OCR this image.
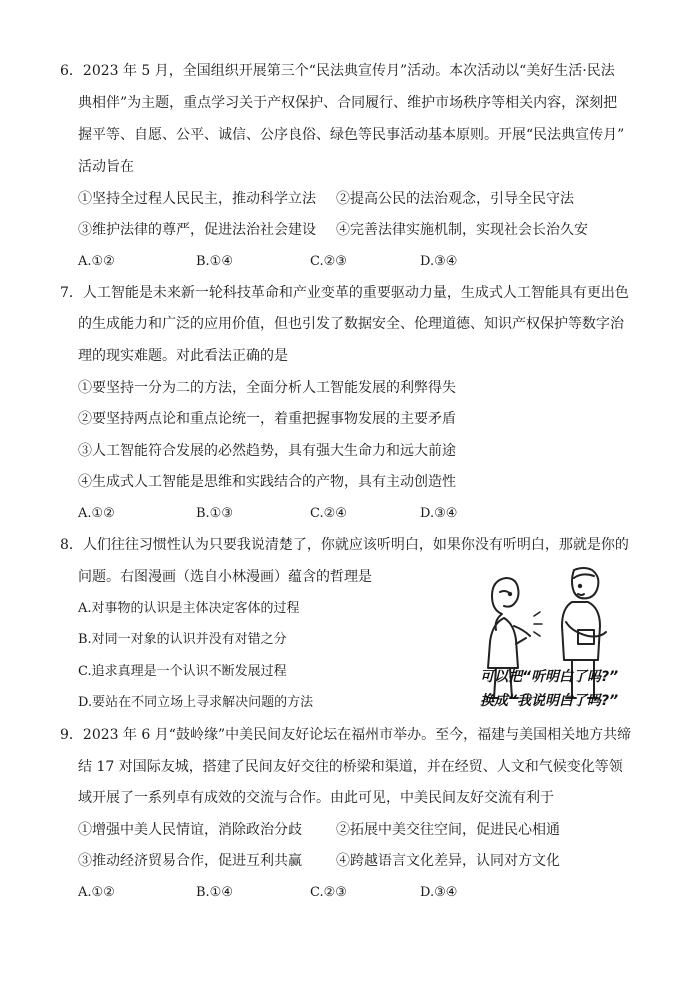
6．2023 年 5 月，全国组织开展第三个“民法典宣传月”活动。本次活动以“美好生活·民法
典相伴”为主题，重点学习关于产权保护、合同履行、维护市场秩序等相关内容，深刻把
握平等、自愿、公平、诚信、公序良俗、绿色等民事活动基本原则。开展“民法典宣传月”
活动旨在
①坚持全过程人民民主，推动科学立法 ②提高公民的法治观念，引导全民守法
③维护法律的尊严，促进法治社会建设 ④完善法律实施机制，实现社会长治久安
A.①②	B.①④	C.②③	D.③④
7．人工智能是未来新一轮科技革命和产业变革的重要驱动力量，生成式人工智能具有更出色
的生成能力和广泛的应用价值，但也引发了数据安全、伦理道德、知识产权保护等数字治
理的现实难题。对此看法正确的是
①要坚持一分为二的方法，全面分析人工智能发展的利弊得失
②要坚持两点论和重点论统一，着重把握事物发展的主要矛盾
③人工智能符合发展的必然趋势，具有强大生命力和远大前途
④生成式人工智能是思维和实践结合的产物，具有主动创造性
A.①②	B.①③	C.②④	D.③④
8．人们往往习惯性认为只要我说清楚了，你就应该听明白，如果你没有听明白，那就是你的
问题。右图漫画（选自小林漫画）蕴含的哲理是
A.对事物的认识是主体决定客体的过程
B.对同一对象的认识并没有对错之分
C.追求真理是一个认识不断发展过程
D.要站在不同立场上寻求解决问题的方法
可以把“听明白了吗?”
换成“我说明白了吗?”
9．2023 年 6 月“鼓岭缘”中美民间友好论坛在福州市举办。至今，福建与美国相关地方共缔
结 17 对国际友城，搭建了民间友好交往的桥梁和渠道，并在经贸、人文和气候变化等领
域开展了一系列卓有成效的交流与合作。由此可见，中美民间友好交流有利于
①增强中美人民情谊，消除政治分歧 ②拓展中美交往空间，促进民心相通
③推动经济贸易合作，促进互利共赢 ④跨越语言文化差异，认同对方文化
A.①②	B.①④	C.②③	D.③④
